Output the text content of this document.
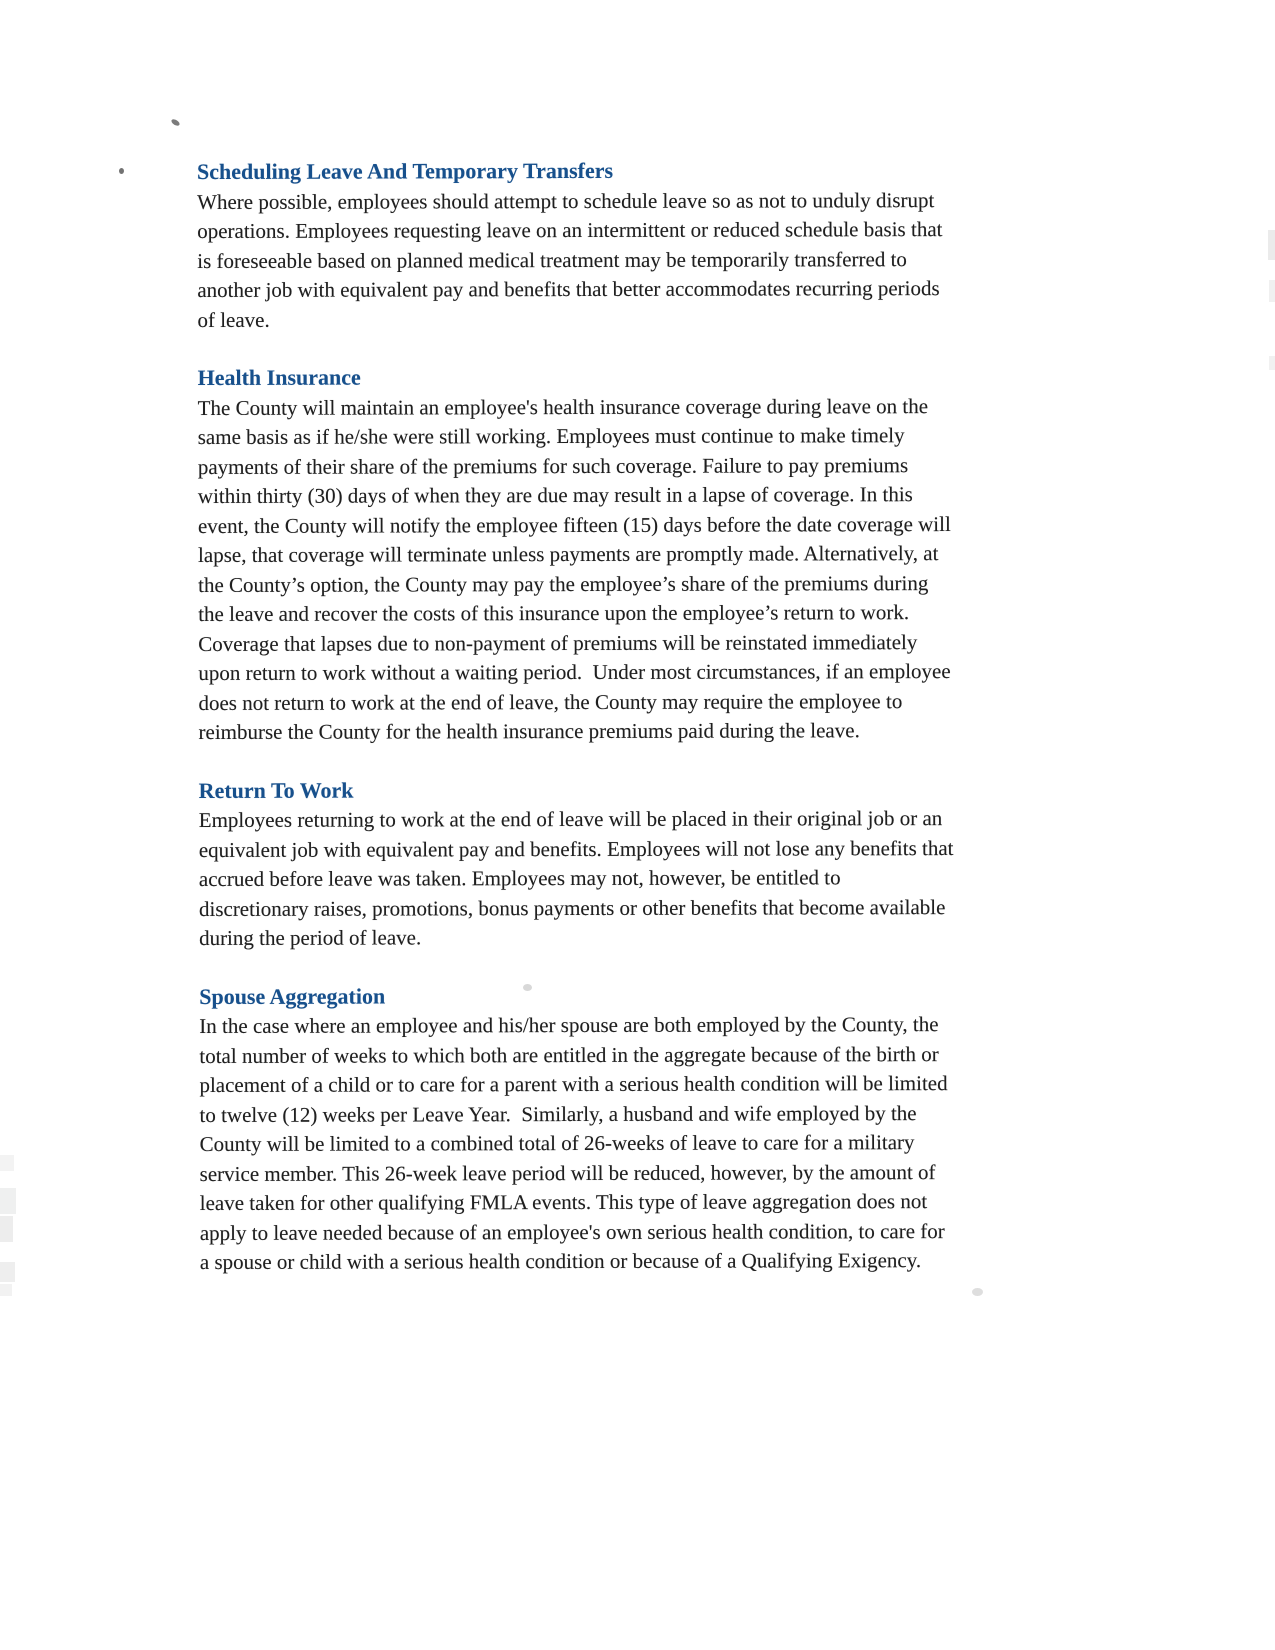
Scheduling Leave And Temporary Transfers

Where possible, employees should attempt to schedule leave so as not to unduly disrupt
operations. Employees requesting leave on an intermittent or reduced schedule basis that
is foreseeable based on planned medical treatment may be temporarily transferred to
another job with equivalent pay and benefits that better accommodates recurring periods
of leave.

Health Insurance

The County will maintain an employee's health insurance coverage during leave on the
same basis as if he/she were still working. Employees must continue to make timely
payments of their share of the premiums for such coverage. Failure to pay premiums
within thirty (30) days of when they are due may result in a lapse of coverage. In this
event, the County will notify the employee fifteen (15) days before the date coverage will
lapse, that coverage will terminate unless payments are promptly made. Alternatively, at
the County’s option, the County may pay the employee’s share of the premiums during
the leave and recover the costs of this insurance upon the employee’s return to work.
Coverage that lapses due to non-payment of premiums will be reinstated immediately
upon return to work without a waiting period.  Under most circumstances, if an employee
does not return to work at the end of leave, the County may require the employee to
reimburse the County for the health insurance premiums paid during the leave.

Return To Work

Employees returning to work at the end of leave will be placed in their original job or an
equivalent job with equivalent pay and benefits. Employees will not lose any benefits that
accrued before leave was taken. Employees may not, however, be entitled to
discretionary raises, promotions, bonus payments or other benefits that become available
during the period of leave.

Spouse Aggregation

In the case where an employee and his/her spouse are both employed by the County, the
total number of weeks to which both are entitled in the aggregate because of the birth or
placement of a child or to care for a parent with a serious health condition will be limited
to twelve (12) weeks per Leave Year.  Similarly, a husband and wife employed by the
County will be limited to a combined total of 26-weeks of leave to care for a military
service member. This 26-week leave period will be reduced, however, by the amount of
leave taken for other qualifying FMLA events. This type of leave aggregation does not
apply to leave needed because of an employee's own serious health condition, to care for
a spouse or child with a serious health condition or because of a Qualifying Exigency.
